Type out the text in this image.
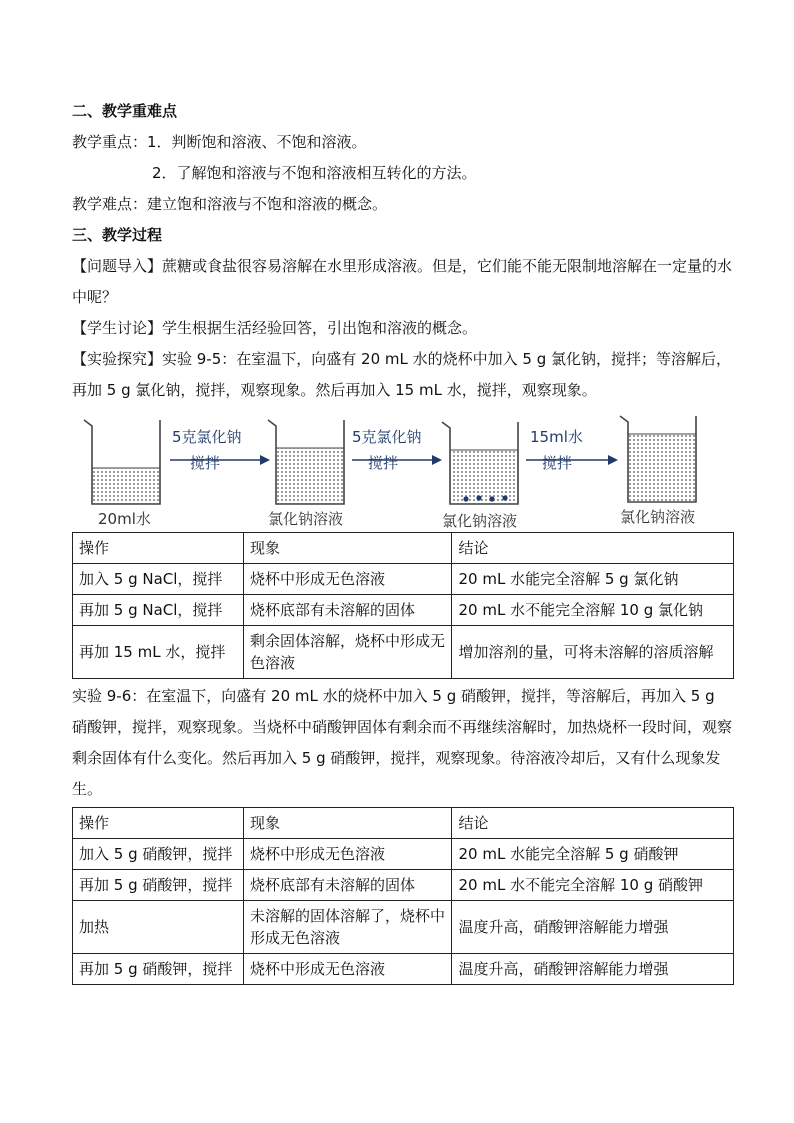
二、教学重难点
教学重点：1．判断饱和溶液、不饱和溶液。
2．了解饱和溶液与不饱和溶液相互转化的方法。
教学难点：建立饱和溶液与不饱和溶液的概念。
三、教学过程
【问题导入】蔗糖或食盐很容易溶解在水里形成溶液。但是，它们能不能无限制地溶解在一定量的水中呢？
【学生讨论】学生根据生活经验回答，引出饱和溶液的概念。
【实验探究】实验 9-5：在室温下，向盛有 20 mL 水的烧杯中加入 5 g 氯化钠，搅拌；等溶解后，再加 5 g 氯化钠，搅拌，观察现象。然后再加入 15 mL 水，搅拌，观察现象。
5克氯化钠
搅拌
5克氯化钠
搅拌
15ml水
搅拌
20ml水	氯化钠溶液	氯化钠溶液	氯化钠溶液
操作	现象	结论
加入 5 g NaCl，搅拌	烧杯中形成无色溶液	20 mL 水能完全溶解 5 g 氯化钠
再加 5 g NaCl，搅拌	烧杯底部有未溶解的固体	20 mL 水不能完全溶解 10 g 氯化钠
再加 15 mL 水，搅拌	剩余固体溶解，烧杯中形成无色溶液	增加溶剂的量，可将未溶解的溶质溶解
实验 9-6：在室温下，向盛有 20 mL 水的烧杯中加入 5 g 硝酸钾，搅拌，等溶解后，再加入 5 g 硝酸钾，搅拌，观察现象。当烧杯中硝酸钾固体有剩余而不再继续溶解时，加热烧杯一段时间，观察剩余固体有什么变化。然后再加入 5 g 硝酸钾，搅拌，观察现象。待溶液冷却后，又有什么现象发生。
操作	现象	结论
加入 5 g 硝酸钾，搅拌	烧杯中形成无色溶液	20 mL 水能完全溶解 5 g 硝酸钾
再加 5 g 硝酸钾，搅拌	烧杯底部有未溶解的固体	20 mL 水不能完全溶解 10 g 硝酸钾
加热	未溶解的固体溶解了，烧杯中形成无色溶液	温度升高，硝酸钾溶解能力增强
再加 5 g 硝酸钾，搅拌	烧杯中形成无色溶液	温度升高，硝酸钾溶解能力增强
